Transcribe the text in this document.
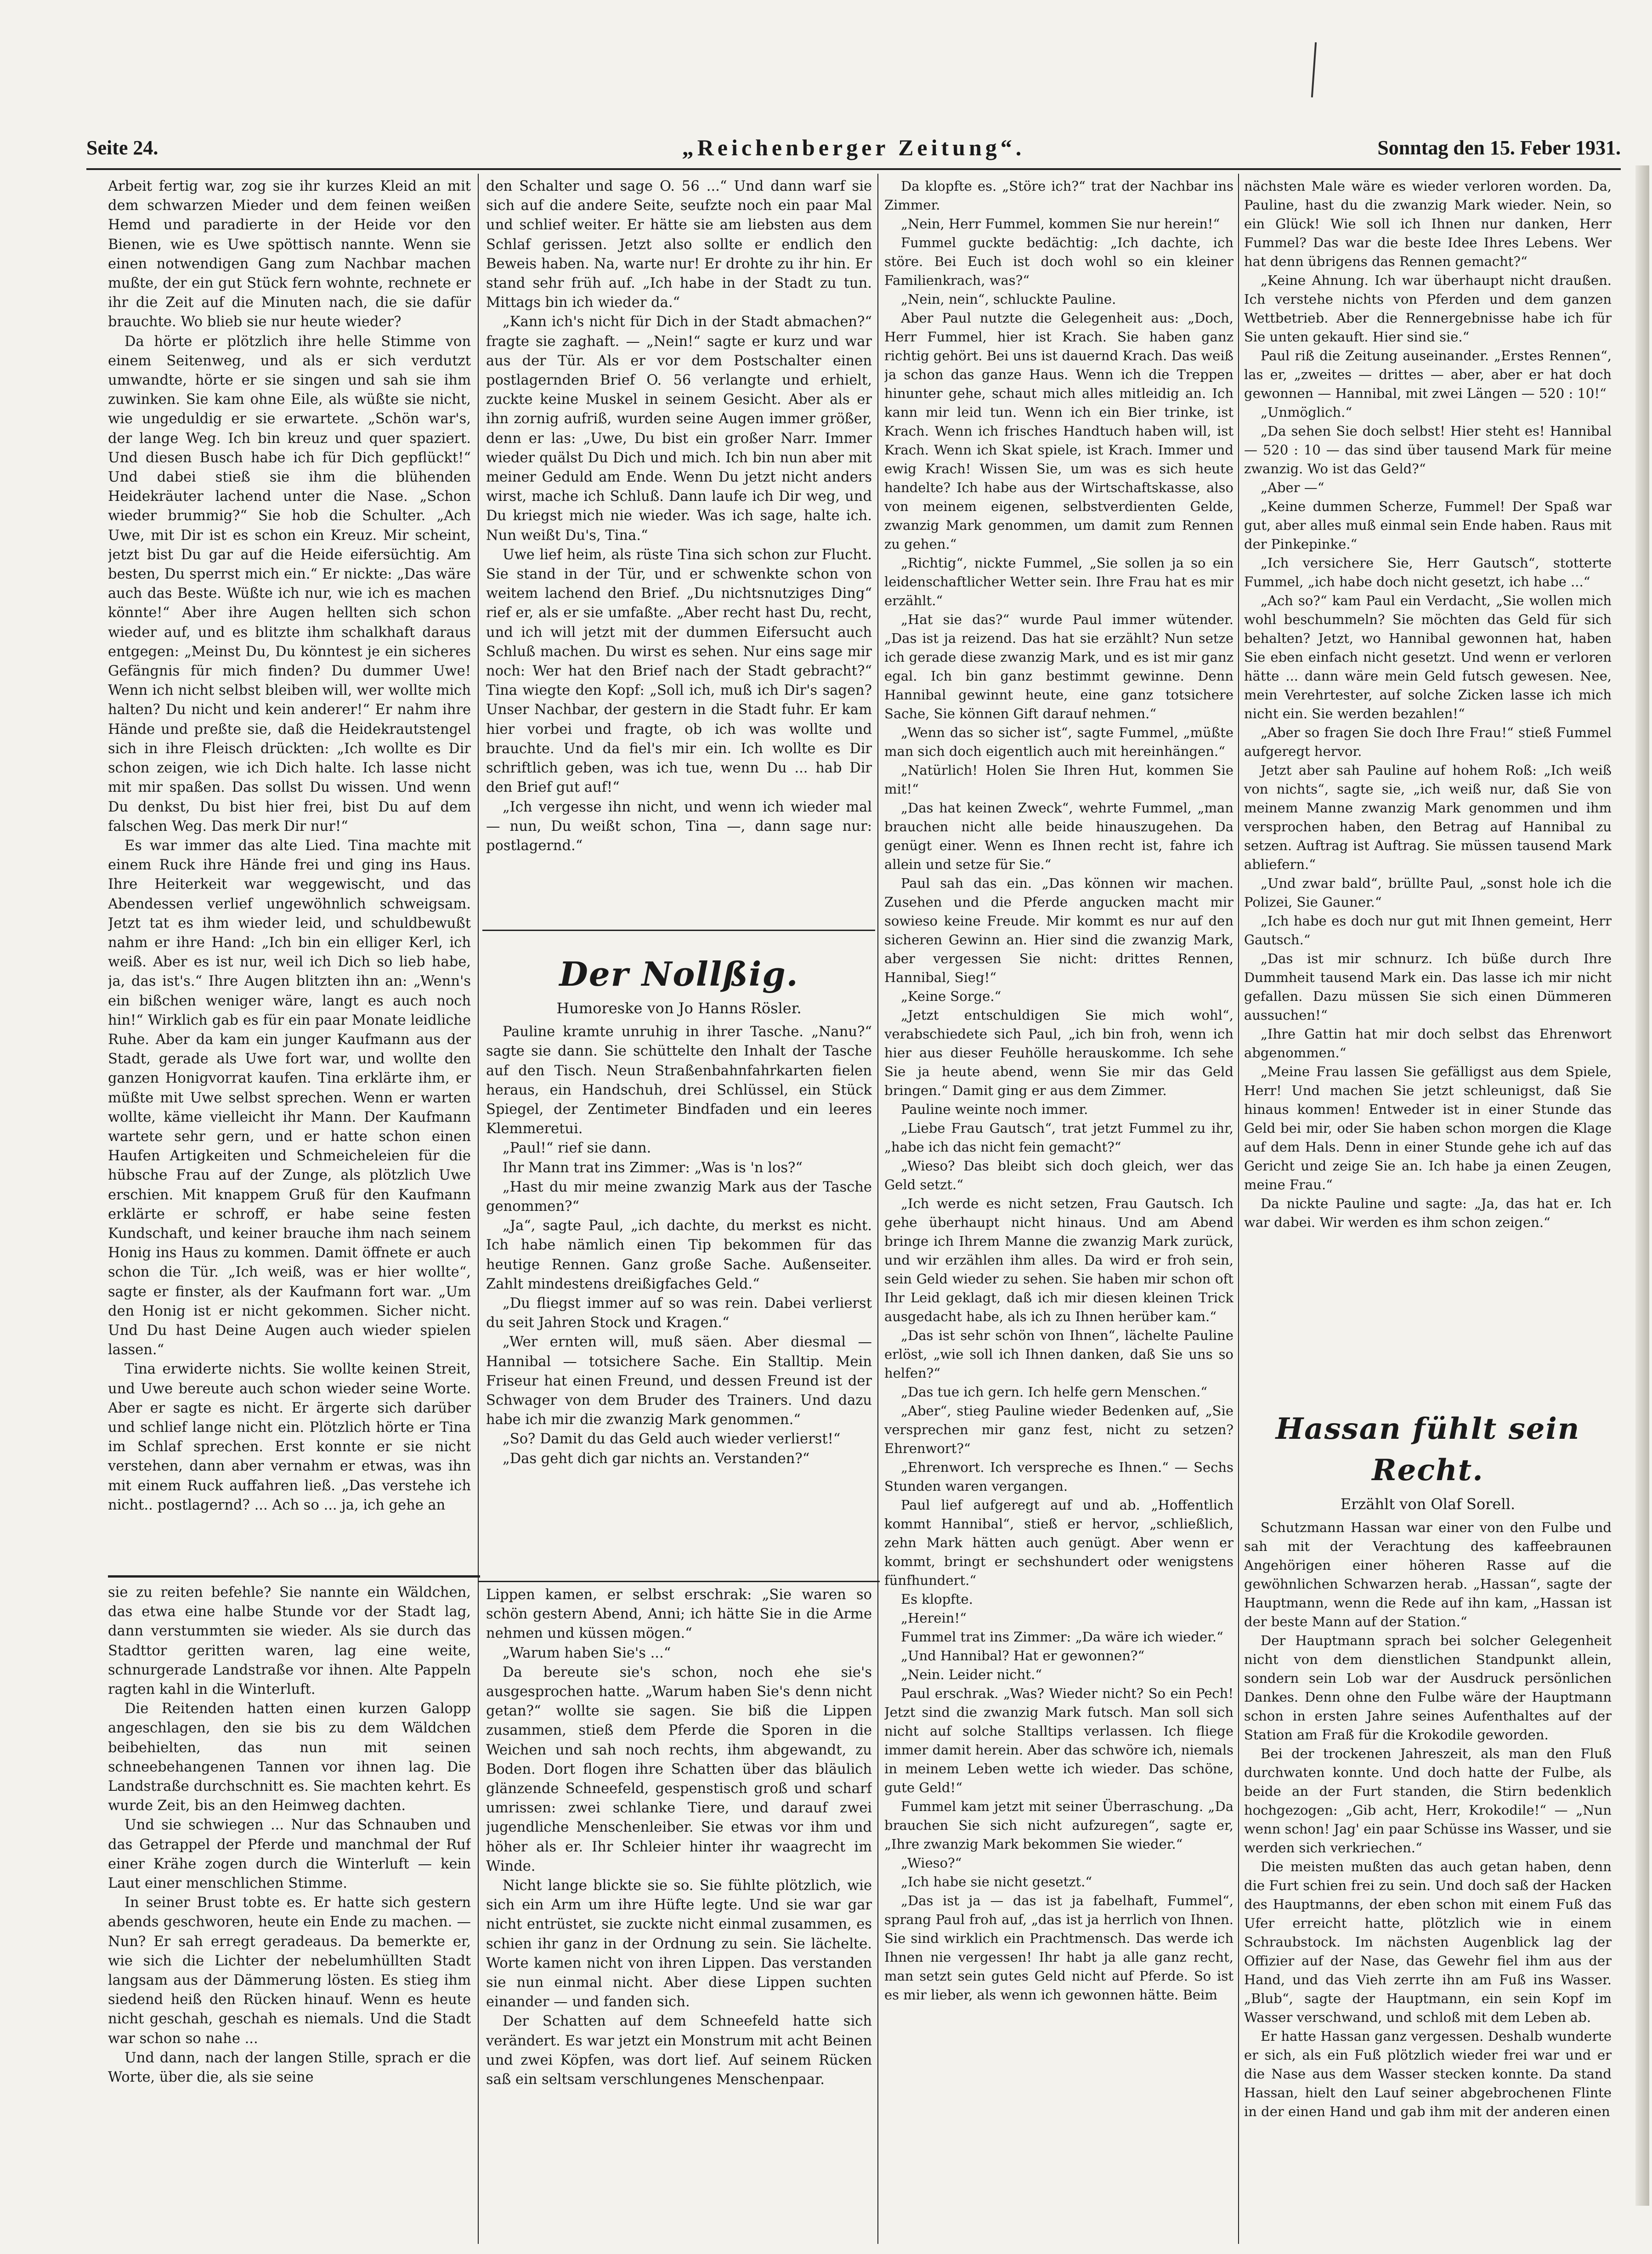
Seite 24.	„Reichenberger Zeitung“.	Sonntag den 15. Feber 1931.

Arbeit fertig war, zog sie ihr kurzes Kleid an mit dem schwarzen Mieder und dem feinen weißen Hemd und paradierte in der Heide vor den Bienen, wie es Uwe spöttisch nannte. Wenn sie einen notwendigen Gang zum Nachbar machen mußte, der ein gut Stück fern wohnte, rechnete er ihr die Zeit auf die Minuten nach, die sie dafür brauchte. Wo blieb sie nur heute wieder?

Da hörte er plötzlich ihre helle Stimme von einem Seitenweg, und als er sich verdutzt umwandte, hörte er sie singen und sah sie ihm zuwinken. Sie kam ohne Eile, als wüßte sie nicht, wie ungeduldig er sie erwartete. „Schön war's, der lange Weg. Ich bin kreuz und quer spaziert. Und diesen Busch habe ich für Dich gepflückt!“ Und dabei stieß sie ihm die blühenden Heidekräuter lachend unter die Nase. „Schon wieder brummig?“ Sie hob die Schulter. „Ach Uwe, mit Dir ist es schon ein Kreuz. Mir scheint, jetzt bist Du gar auf die Heide eifersüchtig. Am besten, Du sperrst mich ein.“ Er nickte: „Das wäre auch das Beste. Wüßte ich nur, wie ich es machen könnte!“ Aber ihre Augen hellten sich schon wieder auf, und es blitzte ihm schalkhaft daraus entgegen: „Meinst Du, Du könntest je ein sicheres Gefängnis für mich finden? Du dummer Uwe! Wenn ich nicht selbst bleiben will, wer wollte mich halten? Du nicht und kein anderer!“ Er nahm ihre Hände und preßte sie, daß die Heidekrautstengel sich in ihre Fleisch drückten: „Ich wollte es Dir schon zeigen, wie ich Dich halte. Ich lasse nicht mit mir spaßen. Das sollst Du wissen. Und wenn Du denkst, Du bist hier frei, bist Du auf dem falschen Weg. Das merk Dir nur!“

Es war immer das alte Lied. Tina machte mit einem Ruck ihre Hände frei und ging ins Haus. Ihre Heiterkeit war weggewischt, und das Abendessen verlief ungewöhnlich schweigsam. Jetzt tat es ihm wieder leid, und schuldbewußt nahm er ihre Hand: „Ich bin ein elliger Kerl, ich weiß. Aber es ist nur, weil ich Dich so lieb habe, ja, das ist's.“ Ihre Augen blitzten ihn an: „Wenn's ein bißchen weniger wäre, langt es auch noch hin!“ Wirklich gab es für ein paar Monate leidliche Ruhe. Aber da kam ein junger Kaufmann aus der Stadt, gerade als Uwe fort war, und wollte den ganzen Honigvorrat kaufen. Tina erklärte ihm, er müßte mit Uwe selbst sprechen. Wenn er warten wollte, käme vielleicht ihr Mann. Der Kaufmann wartete sehr gern, und er hatte schon einen Haufen Artigkeiten und Schmeicheleien für die hübsche Frau auf der Zunge, als plötzlich Uwe erschien. Mit knappem Gruß für den Kaufmann erklärte er schroff, er habe seine festen Kundschaft, und keiner brauche ihm nach seinem Honig ins Haus zu kommen. Damit öffnete er auch schon die Tür. „Ich weiß, was er hier wollte“, sagte er finster, als der Kaufmann fort war. „Um den Honig ist er nicht gekommen. Sicher nicht. Und Du hast Deine Augen auch wieder spielen lassen.“

Tina erwiderte nichts. Sie wollte keinen Streit, und Uwe bereute auch schon wieder seine Worte. Aber er sagte es nicht. Er ärgerte sich darüber und schlief lange nicht ein. Plötzlich hörte er Tina im Schlaf sprechen. Erst konnte er sie nicht verstehen, dann aber vernahm er etwas, was ihn mit einem Ruck auffahren ließ. „Das verstehe ich nicht.. postlagernd? ... Ach so ... ja, ich gehe an

den Schalter und sage O. 56 ...“ Und dann warf sie sich auf die andere Seite, seufzte noch ein paar Mal und schlief weiter. Er hätte sie am liebsten aus dem Schlaf gerissen. Jetzt also sollte er endlich den Beweis haben. Na, warte nur! Er drohte zu ihr hin. Er stand sehr früh auf. „Ich habe in der Stadt zu tun. Mittags bin ich wieder da.“

„Kann ich's nicht für Dich in der Stadt abmachen?“ fragte sie zaghaft. — „Nein!“ sagte er kurz und war aus der Tür. Als er vor dem Postschalter einen postlagernden Brief O. 56 verlangte und erhielt, zuckte keine Muskel in seinem Gesicht. Aber als er ihn zornig aufriß, wurden seine Augen immer größer, denn er las: „Uwe, Du bist ein großer Narr. Immer wieder quälst Du Dich und mich. Ich bin nun aber mit meiner Geduld am Ende. Wenn Du jetzt nicht anders wirst, mache ich Schluß. Dann laufe ich Dir weg, und Du kriegst mich nie wieder. Was ich sage, halte ich. Nun weißt Du's, Tina.“

Uwe lief heim, als rüste Tina sich schon zur Flucht. Sie stand in der Tür, und er schwenkte schon von weitem lachend den Brief. „Du nichtsnutziges Ding“ rief er, als er sie umfaßte. „Aber recht hast Du, recht, und ich will jetzt mit der dummen Eifersucht auch Schluß machen. Du wirst es sehen. Nur eins sage mir noch: Wer hat den Brief nach der Stadt gebracht?“ Tina wiegte den Kopf: „Soll ich, muß ich Dir's sagen? Unser Nachbar, der gestern in die Stadt fuhr. Er kam hier vorbei und fragte, ob ich was wollte und brauchte. Und da fiel's mir ein. Ich wollte es Dir schriftlich geben, was ich tue, wenn Du ... hab Dir den Brief gut auf!“

„Ich vergesse ihn nicht, und wenn ich wieder mal — nun, Du weißt schon, Tina —, dann sage nur: postlagernd.“

Der Nollßig.
Humoreske von Jo Hanns Rösler.

Pauline kramte unruhig in ihrer Tasche. „Nanu?“ sagte sie dann. Sie schüttelte den Inhalt der Tasche auf den Tisch. Neun Straßenbahnfahrkarten fielen heraus, ein Handschuh, drei Schlüssel, ein Stück Spiegel, der Zentimeter Bindfaden und ein leeres Klemmeretui.

„Paul!“ rief sie dann.

Ihr Mann trat ins Zimmer: „Was is 'n los?“

„Hast du mir meine zwanzig Mark aus der Tasche genommen?“

„Ja“, sagte Paul, „ich dachte, du merkst es nicht. Ich habe nämlich einen Tip bekommen für das heutige Rennen. Ganz große Sache. Außenseiter. Zahlt mindestens dreißigfaches Geld.“

„Du fliegst immer auf so was rein. Dabei verlierst du seit Jahren Stock und Kragen.“

„Wer ernten will, muß säen. Aber diesmal — Hannibal — totsichere Sache. Ein Stalltip. Mein Friseur hat einen Freund, und dessen Freund ist der Schwager von dem Bruder des Trainers. Und dazu habe ich mir die zwanzig Mark genommen.“

„So? Damit du das Geld auch wieder verlierst!“

„Das geht dich gar nichts an. Verstanden?“

sie zu reiten befehle? Sie nannte ein Wäldchen, das etwa eine halbe Stunde vor der Stadt lag, dann verstummten sie wieder. Als sie durch das Stadttor geritten waren, lag eine weite, schnurgerade Landstraße vor ihnen. Alte Pappeln ragten kahl in die Winterluft.

Die Reitenden hatten einen kurzen Galopp angeschlagen, den sie bis zu dem Wäldchen beibehielten, das nun mit seinen schneebehangenen Tannen vor ihnen lag. Die Landstraße durchschnitt es. Sie machten kehrt. Es wurde Zeit, bis an den Heimweg dachten.

Und sie schwiegen ... Nur das Schnauben und das Getrappel der Pferde und manchmal der Ruf einer Krähe zogen durch die Winterluft — kein Laut einer menschlichen Stimme.

In seiner Brust tobte es. Er hatte sich gestern abends geschworen, heute ein Ende zu machen. — Nun? Er sah erregt geradeaus. Da bemerkte er, wie sich die Lichter der nebelumhüllten Stadt langsam aus der Dämmerung lösten. Es stieg ihm siedend heiß den Rücken hinauf. Wenn es heute nicht geschah, geschah es niemals. Und die Stadt war schon so nahe ...

Und dann, nach der langen Stille, sprach er die Worte, über die, als sie seine

Lippen kamen, er selbst erschrak: „Sie waren so schön gestern Abend, Anni; ich hätte Sie in die Arme nehmen und küssen mögen.“

„Warum haben Sie's ...“

Da bereute sie's schon, noch ehe sie's ausgesprochen hatte. „Warum haben Sie's denn nicht getan?“ wollte sie sagen. Sie biß die Lippen zusammen, stieß dem Pferde die Sporen in die Weichen und sah noch rechts, ihm abgewandt, zu Boden. Dort flogen ihre Schatten über das bläulich glänzende Schneefeld, gespenstisch groß und scharf umrissen: zwei schlanke Tiere, und darauf zwei jugendliche Menschenleiber. Sie etwas vor ihm und höher als er. Ihr Schleier hinter ihr waagrecht im Winde.

Nicht lange blickte sie so. Sie fühlte plötzlich, wie sich ein Arm um ihre Hüfte legte. Und sie war gar nicht entrüstet, sie zuckte nicht einmal zusammen, es schien ihr ganz in der Ordnung zu sein. Sie lächelte. Worte kamen nicht von ihren Lippen. Das verstanden sie nun einmal nicht. Aber diese Lippen suchten einander — und fanden sich.

Der Schatten auf dem Schneefeld hatte sich verändert. Es war jetzt ein Monstrum mit acht Beinen und zwei Köpfen, was dort lief. Auf seinem Rücken saß ein seltsam verschlungenes Menschenpaar.

Da klopfte es. „Störe ich?“ trat der Nachbar ins Zimmer.

„Nein, Herr Fummel, kommen Sie nur herein!“

Fummel guckte bedächtig: „Ich dachte, ich störe. Bei Euch ist doch wohl so ein kleiner Familienkrach, was?“

„Nein, nein“, schluckte Pauline.

Aber Paul nutzte die Gelegenheit aus: „Doch, Herr Fummel, hier ist Krach. Sie haben ganz richtig gehört. Bei uns ist dauernd Krach. Das weiß ja schon das ganze Haus. Wenn ich die Treppen hinunter gehe, schaut mich alles mitleidig an. Ich kann mir leid tun. Wenn ich ein Bier trinke, ist Krach. Wenn ich frisches Handtuch haben will, ist Krach. Wenn ich Skat spiele, ist Krach. Immer und ewig Krach! Wissen Sie, um was es sich heute handelte? Ich habe aus der Wirtschaftskasse, also von meinem eigenen, selbstverdienten Gelde, zwanzig Mark genommen, um damit zum Rennen zu gehen.“

„Richtig“, nickte Fummel, „Sie sollen ja so ein leidenschaftlicher Wetter sein. Ihre Frau hat es mir erzählt.“

„Hat sie das?“ wurde Paul immer wütender. „Das ist ja reizend. Das hat sie erzählt? Nun setze ich gerade diese zwanzig Mark, und es ist mir ganz egal. Ich bin ganz bestimmt gewinne. Denn Hannibal gewinnt heute, eine ganz totsichere Sache, Sie können Gift darauf nehmen.“

„Wenn das so sicher ist“, sagte Fummel, „müßte man sich doch eigentlich auch mit hereinhängen.“

„Natürlich! Holen Sie Ihren Hut, kommen Sie mit!“

„Das hat keinen Zweck“, wehrte Fummel, „man brauchen nicht alle beide hinauszugehen. Da genügt einer. Wenn es Ihnen recht ist, fahre ich allein und setze für Sie.“

Paul sah das ein. „Das können wir machen. Zusehen und die Pferde angucken macht mir sowieso keine Freude. Mir kommt es nur auf den sicheren Gewinn an. Hier sind die zwanzig Mark, aber vergessen Sie nicht: drittes Rennen, Hannibal, Sieg!“

„Keine Sorge.“

„Jetzt entschuldigen Sie mich wohl“, verabschiedete sich Paul, „ich bin froh, wenn ich hier aus dieser Feuhölle herauskomme. Ich sehe Sie ja heute abend, wenn Sie mir das Geld bringen.“ Damit ging er aus dem Zimmer.

Pauline weinte noch immer.

„Liebe Frau Gautsch“, trat jetzt Fummel zu ihr, „habe ich das nicht fein gemacht?“

„Wieso? Das bleibt sich doch gleich, wer das Geld setzt.“

„Ich werde es nicht setzen, Frau Gautsch. Ich gehe überhaupt nicht hinaus. Und am Abend bringe ich Ihrem Manne die zwanzig Mark zurück, und wir erzählen ihm alles. Da wird er froh sein, sein Geld wieder zu sehen. Sie haben mir schon oft Ihr Leid geklagt, daß ich mir diesen kleinen Trick ausgedacht habe, als ich zu Ihnen herüber kam.“

„Das ist sehr schön von Ihnen“, lächelte Pauline erlöst, „wie soll ich Ihnen danken, daß Sie uns so helfen?“

„Das tue ich gern. Ich helfe gern Menschen.“

„Aber“, stieg Pauline wieder Bedenken auf, „Sie versprechen mir ganz fest, nicht zu setzen? Ehrenwort?“

„Ehrenwort. Ich verspreche es Ihnen.“ — Sechs Stunden waren vergangen.

Paul lief aufgeregt auf und ab. „Hoffentlich kommt Hannibal“, stieß er hervor, „schließlich, zehn Mark hätten auch genügt. Aber wenn er kommt, bringt er sechshundert oder wenigstens fünfhundert.“

Es klopfte.

„Herein!“

Fummel trat ins Zimmer: „Da wäre ich wieder.“

„Und Hannibal? Hat er gewonnen?“

„Nein. Leider nicht.“

Paul erschrak. „Was? Wieder nicht? So ein Pech! Jetzt sind die zwanzig Mark futsch. Man soll sich nicht auf solche Stalltips verlassen. Ich fliege immer damit herein. Aber das schwöre ich, niemals in meinem Leben wette ich wieder. Das schöne, gute Geld!“

Fummel kam jetzt mit seiner Überraschung. „Da brauchen Sie sich nicht aufzuregen“, sagte er, „Ihre zwanzig Mark bekommen Sie wieder.“

„Wieso?“

„Ich habe sie nicht gesetzt.“

„Das ist ja — das ist ja fabelhaft, Fummel“, sprang Paul froh auf, „das ist ja herrlich von Ihnen. Sie sind wirklich ein Prachtmensch. Das werde ich Ihnen nie vergessen! Ihr habt ja alle ganz recht, man setzt sein gutes Geld nicht auf Pferde. So ist es mir lieber, als wenn ich gewonnen hätte. Beim

nächsten Male wäre es wieder verloren worden. Da, Pauline, hast du die zwanzig Mark wieder. Nein, so ein Glück! Wie soll ich Ihnen nur danken, Herr Fummel? Das war die beste Idee Ihres Lebens. Wer hat denn übrigens das Rennen gemacht?“

„Keine Ahnung. Ich war überhaupt nicht draußen. Ich verstehe nichts von Pferden und dem ganzen Wettbetrieb. Aber die Rennergebnisse habe ich für Sie unten gekauft. Hier sind sie.“

Paul riß die Zeitung auseinander. „Erstes Rennen“, las er, „zweites — drittes — aber, aber er hat doch gewonnen — Hannibal, mit zwei Längen — 520 : 10!“

„Unmöglich.“

„Da sehen Sie doch selbst! Hier steht es! Hannibal — 520 : 10 — das sind über tausend Mark für meine zwanzig. Wo ist das Geld?“

„Aber —“

„Keine dummen Scherze, Fummel! Der Spaß war gut, aber alles muß einmal sein Ende haben. Raus mit der Pinkepinke.“

„Ich versichere Sie, Herr Gautsch“, stotterte Fummel, „ich habe doch nicht gesetzt, ich habe ...“

„Ach so?“ kam Paul ein Verdacht, „Sie wollen mich wohl beschummeln? Sie möchten das Geld für sich behalten? Jetzt, wo Hannibal gewonnen hat, haben Sie eben einfach nicht gesetzt. Und wenn er verloren hätte ... dann wäre mein Geld futsch gewesen. Nee, mein Verehrtester, auf solche Zicken lasse ich mich nicht ein. Sie werden bezahlen!“

„Aber so fragen Sie doch Ihre Frau!“ stieß Fummel aufgeregt hervor.

Jetzt aber sah Pauline auf hohem Roß: „Ich weiß von nichts“, sagte sie, „ich weiß nur, daß Sie von meinem Manne zwanzig Mark genommen und ihm versprochen haben, den Betrag auf Hannibal zu setzen. Auftrag ist Auftrag. Sie müssen tausend Mark abliefern.“

„Und zwar bald“, brüllte Paul, „sonst hole ich die Polizei, Sie Gauner.“

„Ich habe es doch nur gut mit Ihnen gemeint, Herr Gautsch.“

„Das ist mir schnurz. Ich büße durch Ihre Dummheit tausend Mark ein. Das lasse ich mir nicht gefallen. Dazu müssen Sie sich einen Dümmeren aussuchen!“

„Ihre Gattin hat mir doch selbst das Ehrenwort abgenommen.“

„Meine Frau lassen Sie gefälligst aus dem Spiele, Herr! Und machen Sie jetzt schleunigst, daß Sie hinaus kommen! Entweder ist in einer Stunde das Geld bei mir, oder Sie haben schon morgen die Klage auf dem Hals. Denn in einer Stunde gehe ich auf das Gericht und zeige Sie an. Ich habe ja einen Zeugen, meine Frau.“

Da nickte Pauline und sagte: „Ja, das hat er. Ich war dabei. Wir werden es ihm schon zeigen.“

Hassan fühlt sein Recht.
Erzählt von Olaf Sorell.

Schutzmann Hassan war einer von den Fulbe und sah mit der Verachtung des kaffeebraunen Angehörigen einer höheren Rasse auf die gewöhnlichen Schwarzen herab. „Hassan“, sagte der Hauptmann, wenn die Rede auf ihn kam, „Hassan ist der beste Mann auf der Station.“

Der Hauptmann sprach bei solcher Gelegenheit nicht von dem dienstlichen Standpunkt allein, sondern sein Lob war der Ausdruck persönlichen Dankes. Denn ohne den Fulbe wäre der Hauptmann schon in ersten Jahre seines Aufenthaltes auf der Station am Fraß für die Krokodile geworden.

Bei der trockenen Jahreszeit, als man den Fluß durchwaten konnte. Und doch hatte der Fulbe, als beide an der Furt standen, die Stirn bedenklich hochgezogen: „Gib acht, Herr, Krokodile!“ — „Nun wenn schon! Jag' ein paar Schüsse ins Wasser, und sie werden sich verkriechen.“

Die meisten mußten das auch getan haben, denn die Furt schien frei zu sein. Und doch saß der Hacken des Hauptmanns, der eben schon mit einem Fuß das Ufer erreicht hatte, plötzlich wie in einem Schraubstock. Im nächsten Augenblick lag der Offizier auf der Nase, das Gewehr fiel ihm aus der Hand, und das Vieh zerrte ihn am Fuß ins Wasser. „Blub“, sagte der Hauptmann, ein sein Kopf im Wasser verschwand, und schloß mit dem Leben ab.

Er hatte Hassan ganz vergessen. Deshalb wunderte er sich, als ein Fuß plötzlich wieder frei war und er die Nase aus dem Wasser stecken konnte. Da stand Hassan, hielt den Lauf seiner abgebrochenen Flinte in der einen Hand und gab ihm mit der anderen einen
